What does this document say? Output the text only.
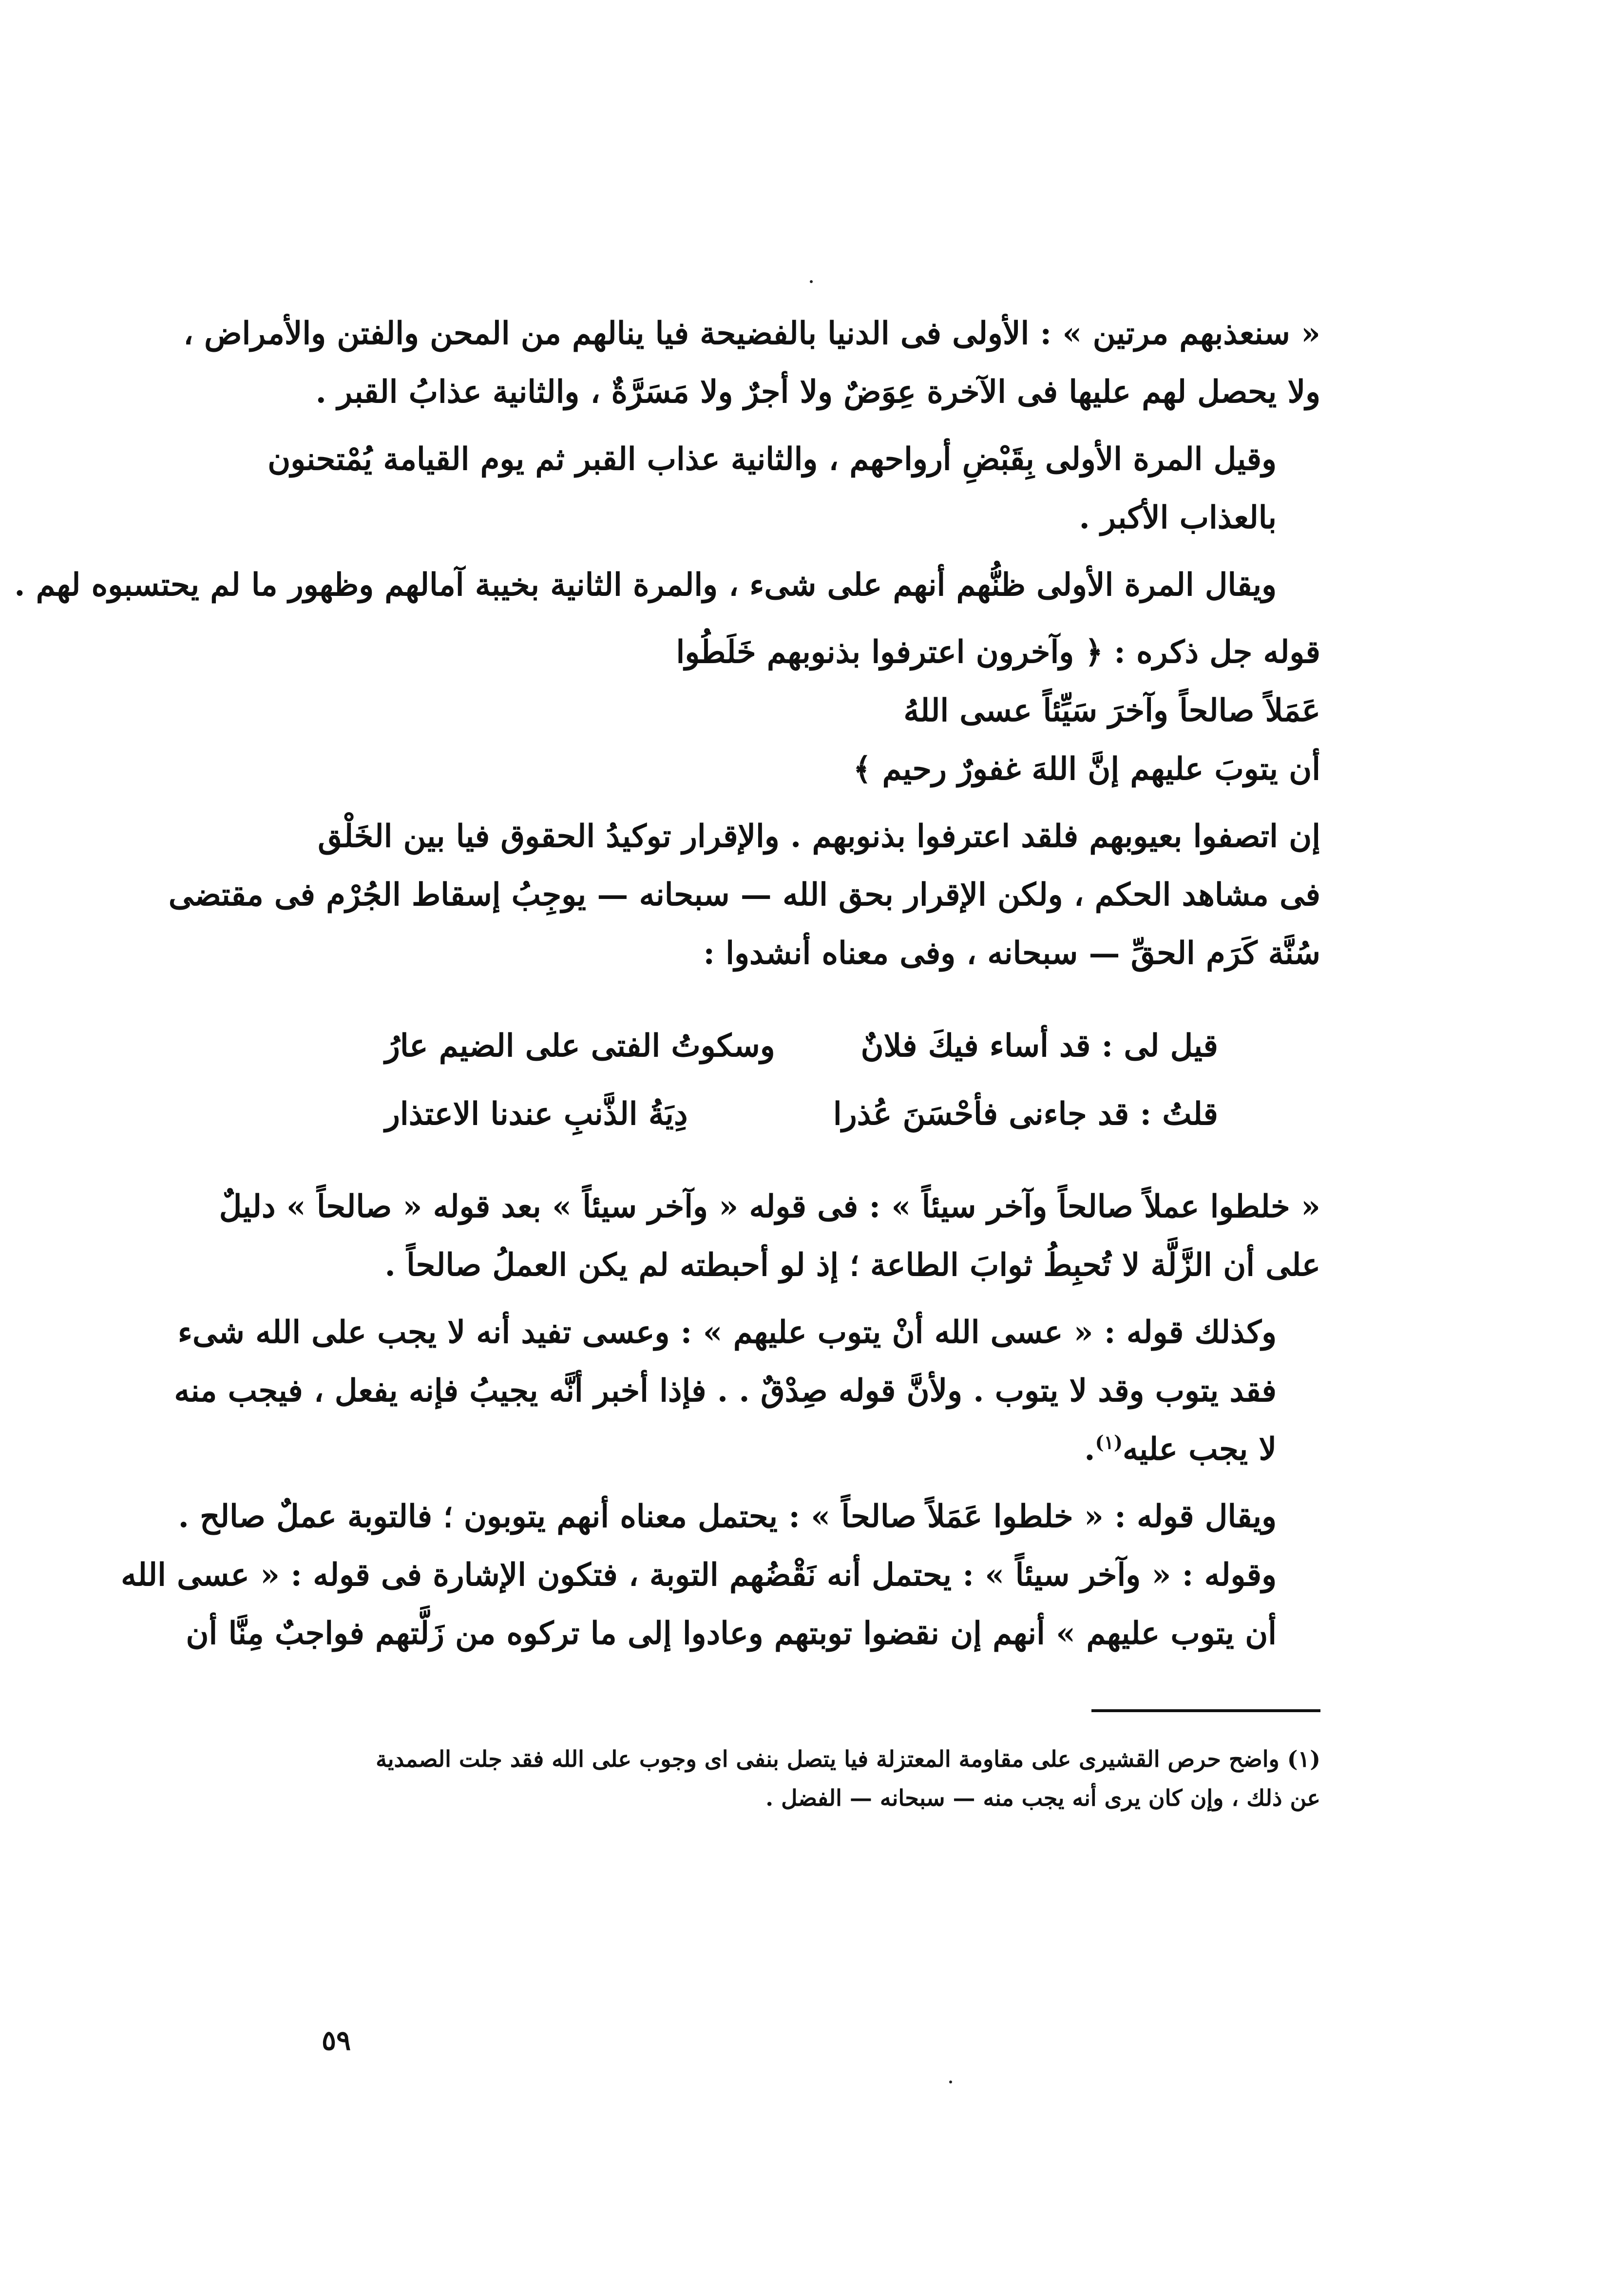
« سنعذبهم مرتين » : الأولى فى الدنيا بالفضيحة فيا ينالهم من المحن والفتن والأمراض ،
ولا يحصل لهم عليها فى الآخرة عِوَضٌ ولا أجرٌ ولا مَسَرَّةٌ ، والثانية عذابُ القبر .

وقيل المرة الأولى بِقَبْضِ أرواحهم ، والثانية عذاب القبر ثم يوم القيامة يُمْتحنون
بالعذاب الأكبر .

ويقال المرة الأولى ظنُّهم أنهم على شىء ، والمرة الثانية بخيبة آمالهم وظهور ما لم يحتسبوه لهم .

قوله جل ذكره : ﴿ وآخرون اعترفوا بذنوبهم خَلَطُوا
عَمَلاً صالحاً وآخرَ سَيِّئاً عسى اللهُ
أن يتوبَ عليهم إنَّ اللهَ غفورٌ رحيم ﴾

إن اتصفوا بعيوبهم فلقد اعترفوا بذنوبهم . والإقرار توكيدُ الحقوق فيا بين الخَلْق
فى مشاهد الحكم ، ولكن الإقرار بحق الله — سبحانه — يوجِبُ إسقاط الجُرْم فى مقتضى
سُنَّة كَرَم الحقِّ — سبحانه ، وفى معناه أنشدوا :

قيل لى : قد أساء فيكَ فلانٌ
وسكوتُ الفتى على الضيم عارُ
قلتُ : قد جاءنى فأحْسَنَ عُذرا
دِيَةُ الذَّنبِ عندنا الاعتذار

« خلطوا عملاً صالحاً وآخر سيئاً » : فى قوله « وآخر سيئاً » بعد قوله « صالحاً » دليلٌ
على أن الزَّلَّة لا تُحبِطُ ثوابَ الطاعة ؛ إذ لو أحبطته لم يكن العملُ صالحاً .

وكذلك قوله : « عسى الله أنْ يتوب عليهم » : وعسى تفيد أنه لا يجب على الله شىء
فقد يتوب وقد لا يتوب . ولأنَّ قوله صِدْقٌ . . فإذا أخبر أنَّه يجيبُ فإنه يفعل ، فيجب منه
لا يجب عليه$^{(١)}$.

ويقال قوله : « خلطوا عَمَلاً صالحاً » : يحتمل معناه أنهم يتوبون ؛ فالتوبة عملٌ صالح .
وقوله : « وآخر سيئاً » : يحتمل أنه نَقْضُهم التوبة ، فتكون الإشارة فى قوله : « عسى الله
أن يتوب عليهم » أنهم إن نقضوا توبتهم وعادوا إلى ما تركوه من زَلَّتهم فواجبٌ مِنَّا أن

(١) واضح حرص القشيرى على مقاومة المعتزلة فيا يتصل بنفى اى وجوب على الله فقد جلت الصمدية
عن ذلك ، وإن كان يرى أنه يجب منه — سبحانه — الفضل .
٥٩
